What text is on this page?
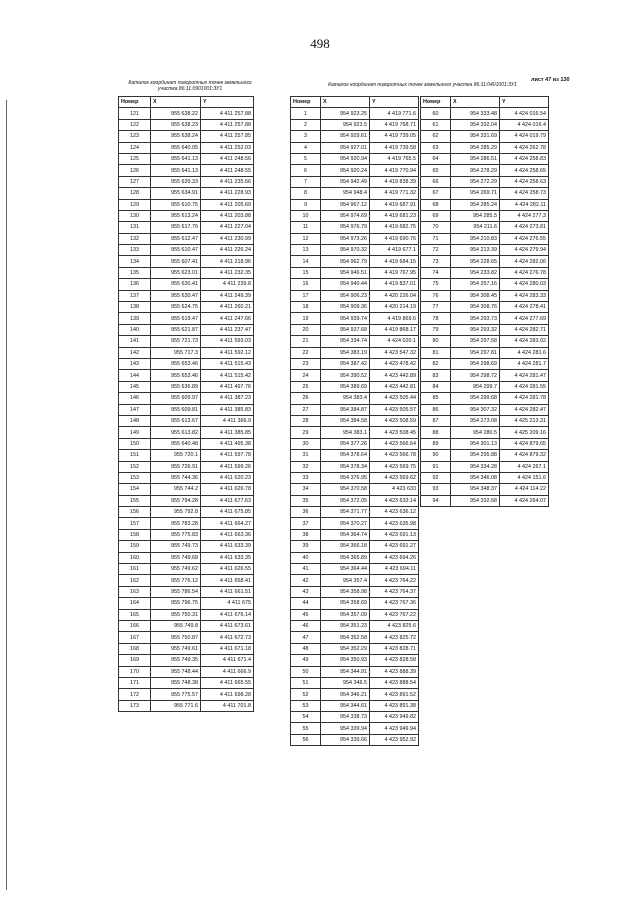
498
лист 47 из 130
Каталог координат поворотных точек земельного участка 86:11:0901001:ЗУ1
Каталог координат поворотных точек земельного участка 86:11:0401001:ЗУ1
Номер	X	Y
121	955 638.22	4 411 257.88
122	955 638.23	4 411 257.88
123	955 638.24	4 411 257.85
124	955 640.05	4 411 252.03
125	955 641.13	4 411 248.56
126	955 641.13	4 411 248.55
127	955 639.33	4 411 235.66
128	955 634.91	4 411 228.93
129	955 610.75	4 411 205.69
130	955 613.24	4 411 203.88
131	955 617.76	4 411 227.04
132	955 612.47	4 411 230.99
133	955 610.47	4 411 226.24
134	955 607.41	4 411 218.96
135	955 623.01	4 411 232.35
136	955 630.41	4 411 239.8
137	955 630.47	4 411 249.39
138	955 624.75	4 411 260.21
139	955 619.47	4 411 247.66
140	955 621.87	4 411 237.47
141	955 721.73	4 411 593.03
142	955 717.3	4 411 592.12
143	955 653.46	4 411 515.43
144	955 653.46	4 411 515.42
145	955 636.89	4 411 497.76
146	955 609.97	4 411 387.23
147	955 609.81	4 411 385.83
148	955 613.67	4 411 366.9
149	955 613.82	4 411 385.85
150	955 640.48	4 411 495.38
151	955 720.1	4 411 597.78
152	955 726.91	4 411 599.26
153	955 744.36	4 411 620.23
154	955 744.2	4 411 626.78
155	955 794.28	4 411 677.63
156	955 792.8	4 411 675.85
157	955 783.28	4 411 664.27
158	955 775.83	4 411 663.36
159	955 749.73	4 411 633.39
160	955 749.68	4 411 633.35
161	955 749.62	4 411 626.55
162	955 776.12	4 411 658.41
163	955 786.54	4 411 661.51
164	955 796.75	4 411 675
165	955 750.31	4 411 676.14
166	955 749.8	4 411 673.61
167	955 750.87	4 411 672.73
168	955 749.61	4 411 671.18
169	955 749.35	4 411 671.4
170	955 748.44	4 411 666.9
171	955 748.38	4 411 665.55
172	955 775.57	4 411 698.28
173	955 771.6	4 411 701.8
Номер	X	Y
1	954 923.25	4 419 771.6
2	954 923.5	4 419 768.71
3	954 929.61	4 419 739.05
4	954 927.01	4 419 739.58
5	954 920.94	4 419 765.5
6	954 920.24	4 419 770.94
7	954 942.49	4 419 838.39
8	954 948.4	4 419 771.32
9	954 967.12	4 419 687.91
10	954 974.69	4 419 681.23
11	954 976.79	4 419 682.75
12	954 973.26	4 419 690.76
13	954 970.32	4 419 677.1
14	954 962.79	4 419 684.15
15	954 946.51	4 419 767.95
16	954 940.44	4 419 837.01
17	954 906.23	4 420 226.04
18	954 909.36	4 420 214.19
19	954 939.74	4 419 869.6
20	954 937.68	4 419 868.17
21	954 334.74	4 424 020.1
22	954 383.19	4 423 547.32
23	954 387.42	4 423 478.42
24	954 390.52	4 423 442.89
25	954 389.69	4 423 442.81
26	954 383.4	4 423 505.44
27	954 384.87	4 423 505.57
28	954 384.58	4 423 508.59
29	954 383.1	4 423 508.45
30	954 377.26	4 423 566.64
31	954 378.64	4 423 566.78
32	954 378.34	4 423 569.75
33	954 376.95	4 423 569.62
34	954 370.58	4 423 633
35	954 372.05	4 423 633.14
36	954 371.77	4 423 636.12
37	954 370.27	4 423 635.98
38	954 364.74	4 423 691.13
39	954 366.18	4 423 691.27
40	954 365.89	4 423 694.26
41	954 364.44	4 423 694.11
42	954 357.4	4 423 764.22
43	954 358.98	4 423 764.37
44	954 358.69	4 423 767.36
45	954 357.09	4 423 767.22
46	954 351.23	4 423 825.6
47	954 352.58	4 423 825.72
48	954 352.29	4 423 828.71
49	954 350.93	4 423 828.58
50	954 344.91	4 423 888.39
51	954 346.5	4 423 888.54
52	954 346.21	4 423 891.52
53	954 344.61	4 423 891.38
54	954 338.73	4 423 949.82
55	954 339.94	4 423 949.94
56	954 339.66	4 423 952.92
Номер	X	Y
60	954 333.48	4 424 016.54
61	954 332.04	4 424 016.4
62	954 331.69	4 424 019.79
63	954 285.29	4 424 262.78
64	954 286.51	4 424 258.83
65	954 278.29	4 424 258.65
66	954 272.29	4 424 258.63
67	954 269.71	4 424 258.73
68	954 285.24	4 424 282.11
69	954 285.5	4 424 277.3
70	954 211.6	4 424 273.81
71	954 210.83	4 424 276.55
72	954 213.39	4 424 279.94
73	954 228.65	4 424 282.06
74	954 233.82	4 424 276.78
75	954 257.16	4 424 280.03
76	954 308.45	4 424 283.33
77	954 308.76	4 424 278.41
78	954 293.73	4 424 277.69
79	954 293.32	4 424 282.71
80	954 297.58	4 424 283.02
81	954 297.81	4 424 281.6
82	954 298.69	4 424 281.7
83	954 298.72	4 424 281.47
84	954 299.7	4 424 281.55
85	954 299.68	4 424 281.78
86	954 307.32	4 424 282.47
87	954 273.08	4 425 213.31
88	954 280.5	4 425 209.16
89	954 301.13	4 424 879.65
90	954 295.88	4 424 879.32
91	954 334.28	4 424 267.1
92	954 346.08	4 424 151.6
93	954 348.37	4 424 114.22
94	954 332.68	4 424 264.07
